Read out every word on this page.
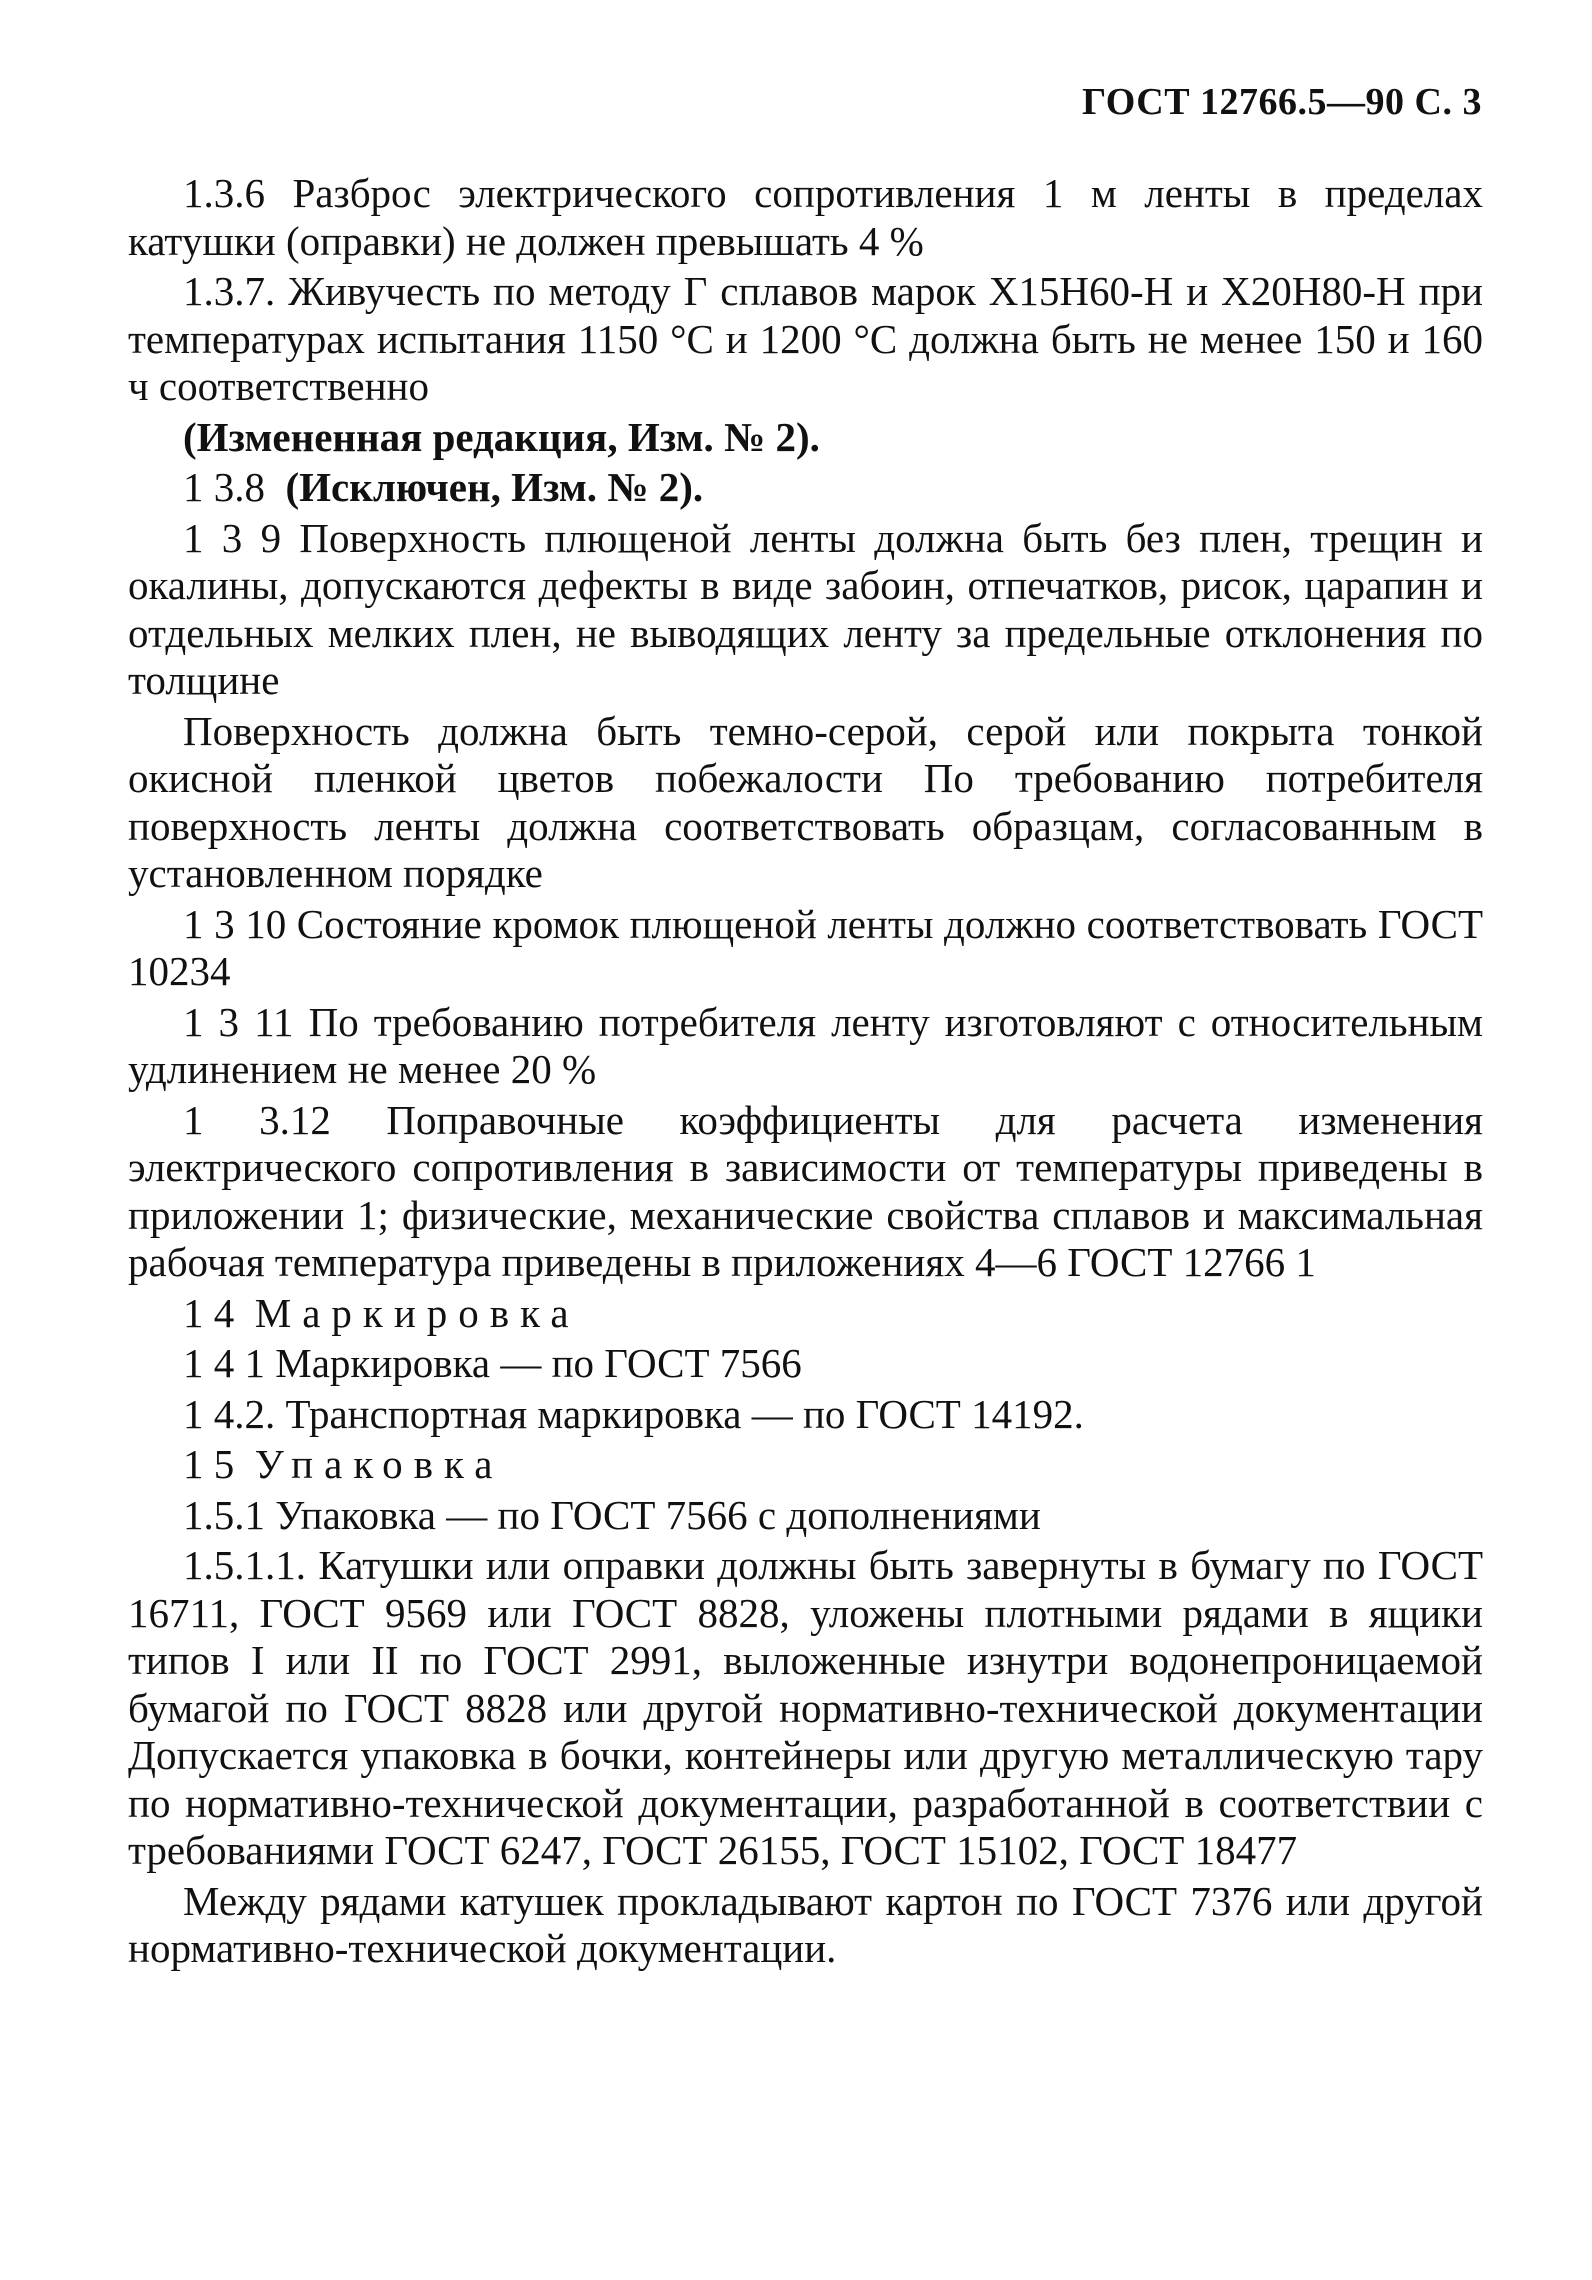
ГОСТ 12766.5—90 С. 3

1.3.6 Разброс электрического сопротивления 1 м ленты в пределах катушки (оправки) не должен превышать 4 %

1.3.7. Живучесть по методу Г сплавов марок Х15Н60-Н и Х20Н80-Н при температурах испытания 1150 °С и 1200 °С должна быть не менее 150 и 160 ч соответственно

(Измененная редакция, Изм. № 2).

1 3.8 (Исключен, Изм. № 2).

1 3 9 Поверхность плющеной ленты должна быть без плен, трещин и окалины, допускаются дефекты в виде забоин, отпечатков, рисок, царапин и отдельных мелких плен, не выводящих ленту за предельные отклонения по толщине

Поверхность должна быть темно-серой, серой или покрыта тонкой окисной пленкой цветов побежалости По требованию потребителя поверхность ленты должна соответствовать образцам, согласованным в установленном порядке

1 3 10 Состояние кромок плющеной ленты должно соответствовать ГОСТ 10234

1 3 11 По требованию потребителя ленту изготовляют с относительным удлинением не менее 20 %

1 3.12 Поправочные коэффициенты для расчета изменения электрического сопротивления в зависимости от температуры приведены в приложении 1; физические, механические свойства сплавов и максимальная рабочая температура приведены в приложениях 4—6 ГОСТ 12766 1

1 4 Маркировка

1 4 1 Маркировка — по ГОСТ 7566

1 4.2. Транспортная маркировка — по ГОСТ 14192.

1 5 Упаковка

1.5.1 Упаковка — по ГОСТ 7566 с дополнениями

1.5.1.1. Катушки или оправки должны быть завернуты в бумагу по ГОСТ 16711, ГОСТ 9569 или ГОСТ 8828, уложены плотными рядами в ящики типов I или II по ГОСТ 2991, выложенные изнутри водонепроницаемой бумагой по ГОСТ 8828 или другой нормативно-технической документации Допускается упаковка в бочки, контейнеры или другую металлическую тару по нормативно-технической документации, разработанной в соответствии с требованиями ГОСТ 6247, ГОСТ 26155, ГОСТ 15102, ГОСТ 18477

Между рядами катушек прокладывают картон по ГОСТ 7376 или другой нормативно-технической документации.
